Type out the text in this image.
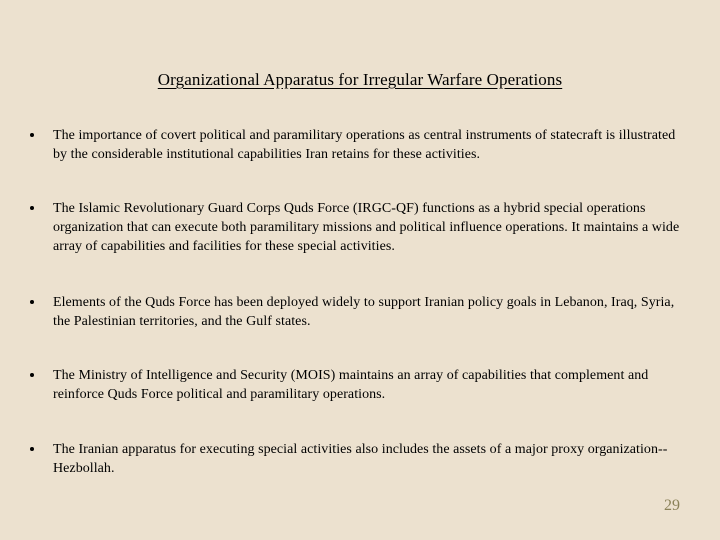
Organizational Apparatus for Irregular Warfare Operations
The importance of covert political and paramilitary operations as central instruments of statecraft is illustrated by the considerable institutional capabilities Iran retains for these activities.
The Islamic Revolutionary Guard Corps Quds Force (IRGC-QF) functions as a hybrid special operations organization that can execute both paramilitary missions and political influence operations. It maintains a wide array of capabilities and facilities for these special activities.
Elements of the Quds Force has been deployed widely to support Iranian policy goals in Lebanon, Iraq, Syria, the Palestinian territories, and the Gulf states.
The Ministry of Intelligence and Security (MOIS) maintains an array of capabilities that complement and reinforce Quds Force political and paramilitary operations.
The Iranian apparatus for executing special activities also includes the assets of a major proxy organization--Hezbollah.
29
